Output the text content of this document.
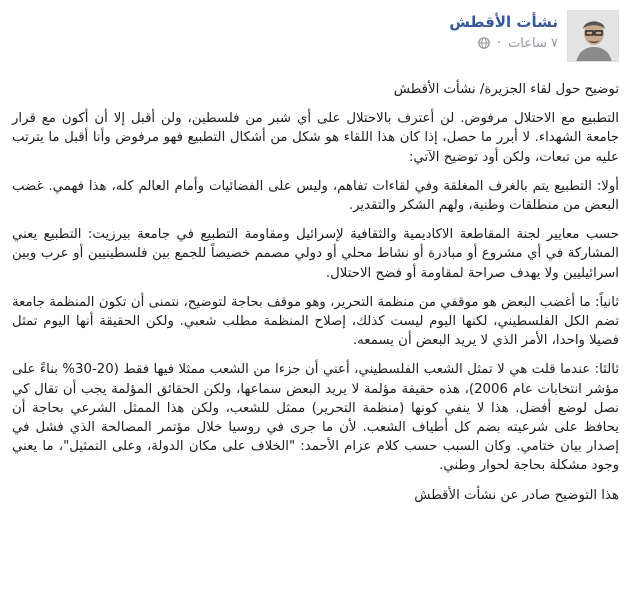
نشأت الأقطش
٧ ساعات ·

توضيح حول لقاء الجزيرة/ نشأت الأقطش

التطبيع مع الاحتلال مرفوض. لن أعترف بالاحتلال على أي شبر من فلسطين، ولن أقبل إلا أن أكون مع قرار جامعة الشهداء. لا أبرر ما حصل، إذا كان هذا اللقاء هو شكل من أشكال التطبيع فهو مرفوض وأنا أقبل ما يترتب عليه من تبعات، ولكن أود توضيح الآتي:

أولا: التطبيع يتم بالغرف المغلقة وفي لقاءات تفاهم، وليس على الفضائيات وأمام العالم كله، هذا فهمي. غضب البعض من منطلقات وطنية، ولهم الشكر والتقدير.

حسب معايير لجنة المقاطعة الاكاديمية والثقافية لإسرائيل ومقاومة التطبيع في جامعة بيرزيت: التطبيع يعني المشاركة في أي مشروع أو مبادرة أو نشاط محلي أو دولي مصمم خصيصاً للجمع بين فلسطينيين أو عرب وبين اسرائيليين ولا يهدف صراحة لمقاومة أو فضح الاحتلال.

ثانياً: ما أغضب البعض هو موقفي من منظمة التحرير، وهو موقف بحاجة لتوضيح، نتمنى أن تكون المنظمة جامعة تضم الكل الفلسطيني، لكنها اليوم ليست كذلك، إصلاح المنظمة مطلب شعبي. ولكن الحقيقة أنها اليوم تمثل فصيلا واحدا، الأمر الذي لا يريد البعض أن يسمعه.

ثالثا: عندما قلت هي لا تمثل الشعب الفلسطيني، أعني أن جزءا من الشعب ممثلا فيها فقط (20-30% بناءً على مؤشر انتخابات عام 2006)، هذه حقيقة مؤلمة لا يريد البعض سماعها، ولكن الحقائق المؤلمة يجب أن تقال كي نصل لوضع أفضل. هذا لا ينفي كونها (منظمة التحرير) ممثل للشعب، ولكن هذا الممثل الشرعي بحاجة أن يحافظ على شرعيته بضم كل أطياف الشعب. لأن ما جرى في روسيا خلال مؤتمر المصالحة الذي فشل في إصدار بيان ختامي. وكان السبب حسب كلام عزام الأحمد: "الخلاف على مكان الدولة، وعلى التمثيل"، ما يعني وجود مشكلة بحاجة لحوار وطني.

هذا التوضيح صادر عن نشأت الأقطش
